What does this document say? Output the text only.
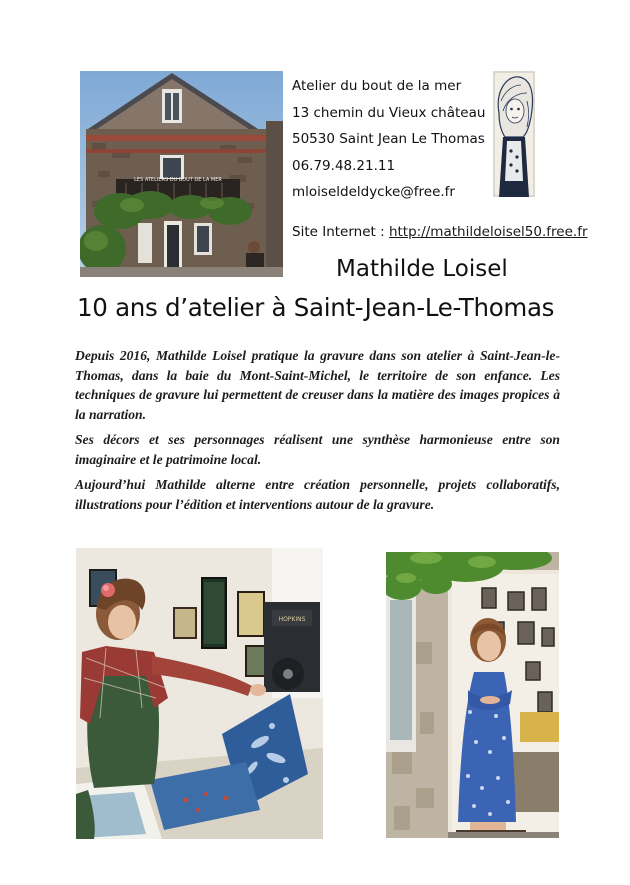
LES ATELIERS DU BOUT DE LA MER
Atelier du bout de la mer
13 chemin du Vieux château
50530 Saint Jean Le Thomas
06.79.48.21.11
mloiseldeldycke@free.fr
Site Internet : http://mathildeloisel50.free.fr
Mathilde Loisel
10 ans d’atelier à Saint-Jean-Le-Thomas

Depuis 2016, Mathilde Loisel pratique la gravure dans son atelier à Saint-Jean-le-Thomas, dans la baie du Mont-Saint-Michel, le territoire de son enfance. Les techniques de gravure lui permettent de creuser dans la matière des images propices à la narration.

Ses décors et ses personnages réalisent une synthèse harmonieuse entre son imaginaire et le patrimoine local.

Aujourd’hui Mathilde alterne entre création personnelle, projets collaboratifs, illustrations pour l’édition et interventions autour de la gravure.

HOPKINS
